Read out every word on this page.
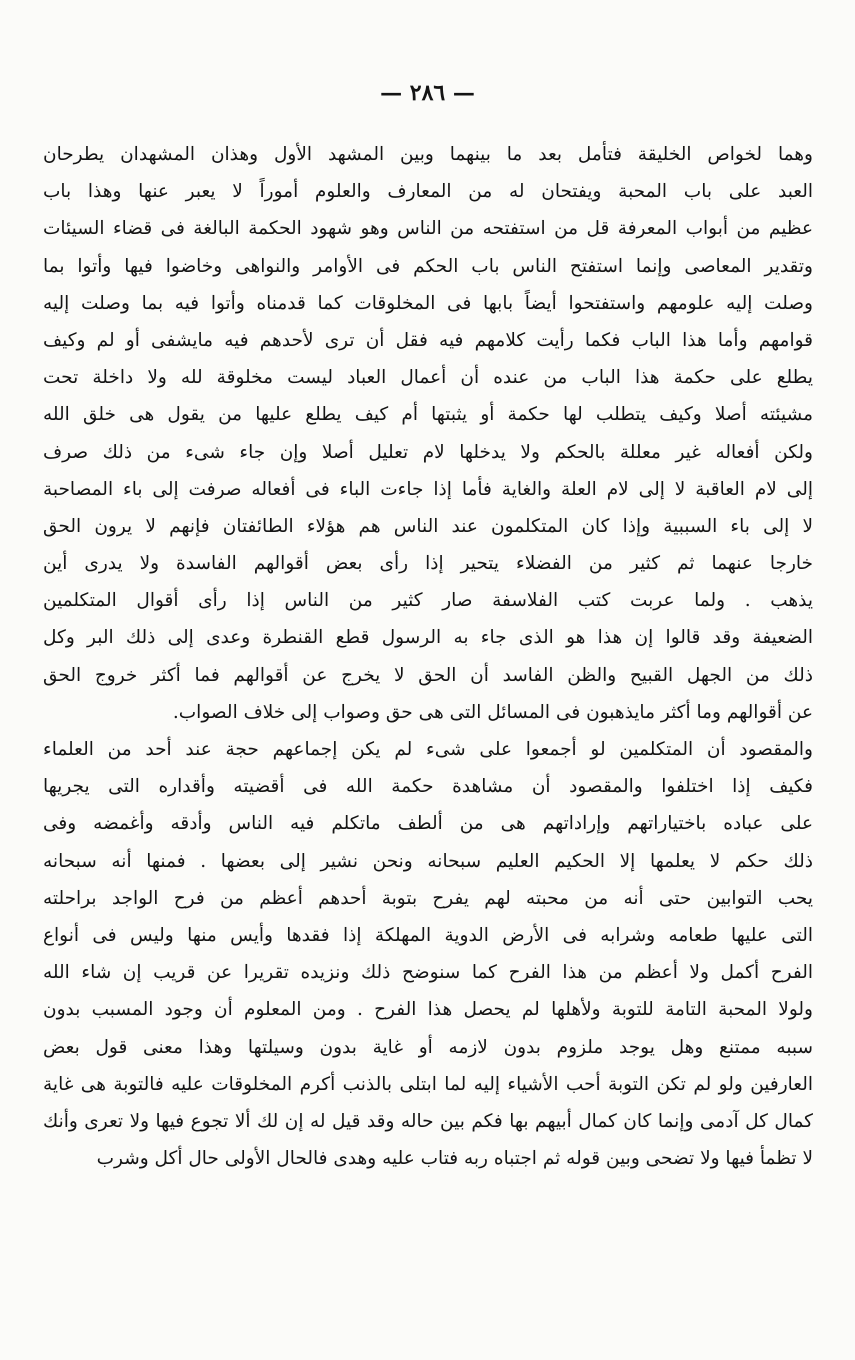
— ٢٨٦ —
وهما لخواص الخليقة فتأمل بعد ما بينهما وبين المشهد الأول وهذان المشهدان يطرحان
العبد على باب المحبة ويفتحان له من المعارف والعلوم أموراً لا يعبر عنها وهذا باب
عظيم من أبواب المعرفة قل من استفتحه من الناس وهو شهود الحكمة البالغة فى قضاء السيئات
وتقدير المعاصى وإنما استفتح الناس باب الحكم فى الأوامر والنواهى وخاضوا فيها وأتوا بما
وصلت إليه علومهم واستفتحوا أيضاً بابها فى المخلوقات كما قدمناه وأتوا فيه بما وصلت إليه
قوامهم وأما هذا الباب فكما رأيت كلامهم فيه فقل أن ترى لأحدهم فيه مايشفى أو لم وكيف
يطلع على حكمة هذا الباب من عنده أن أعمال العباد ليست مخلوقة لله ولا داخلة تحت
مشيئته أصلا وكيف يتطلب لها حكمة أو يثبتها أم كيف يطلع عليها من يقول هى خلق الله
ولكن أفعاله غير معللة بالحكم ولا يدخلها لام تعليل أصلا وإن جاء شىء من ذلك صرف
إلى لام العاقبة لا إلى لام العلة والغاية فأما إذا جاءت الباء فى أفعاله صرفت إلى باء المصاحبة
لا إلى باء السببية وإذا كان المتكلمون عند الناس هم هؤلاء الطائفتان فإنهم لا يرون الحق
خارجا عنهما ثم كثير من الفضلاء يتحير إذا رأى بعض أقوالهم الفاسدة ولا يدرى أين
يذهب . ولما عربت كتب الفلاسفة صار كثير من الناس إذا رأى أقوال المتكلمين
الضعيفة وقد قالوا إن هذا هو الذى جاء به الرسول قطع القنطرة وعدى إلى ذلك البر وكل
ذلك من الجهل القبيح والظن الفاسد أن الحق لا يخرج عن أقوالهم فما أكثر خروج الحق
عن أقوالهم وما أكثر مايذهبون فى المسائل التى هى حق وصواب إلى خلاف الصواب.
والمقصود أن المتكلمين لو أجمعوا على شىء لم يكن إجماعهم حجة عند أحد من العلماء
فكيف إذا اختلفوا والمقصود أن مشاهدة حكمة الله فى أقضيته وأقداره التى يجريها
على عباده باختياراتهم وإراداتهم هى من ألطف ماتكلم فيه الناس وأدقه وأغمضه وفى
ذلك حكم لا يعلمها إلا الحكيم العليم سبحانه ونحن نشير إلى بعضها . فمنها أنه سبحانه
يحب التوابين حتى أنه من محبته لهم يفرح بتوبة أحدهم أعظم من فرح الواجد براحلته
التى عليها طعامه وشرابه فى الأرض الدوية المهلكة إذا فقدها وأيس منها وليس فى أنواع
الفرح أكمل ولا أعظم من هذا الفرح كما سنوضح ذلك ونزيده تقريرا عن قريب إن شاء الله
ولولا المحبة التامة للتوبة ولأهلها لم يحصل هذا الفرح . ومن المعلوم أن وجود المسبب بدون
سببه ممتنع وهل يوجد ملزوم بدون لازمه أو غاية بدون وسيلتها وهذا معنى قول بعض
العارفين ولو لم تكن التوبة أحب الأشياء إليه لما ابتلى بالذنب أكرم المخلوقات عليه فالتوبة هى غاية
كمال كل آدمى وإنما كان كمال أبيهم بها فكم بين حاله وقد قيل له إن لك ألا تجوع فيها ولا تعرى وأنك
لا تظمأ فيها ولا تضحى وبين قوله ثم اجتباه ربه فتاب عليه وهدى فالحال الأولى حال أكل وشرب
